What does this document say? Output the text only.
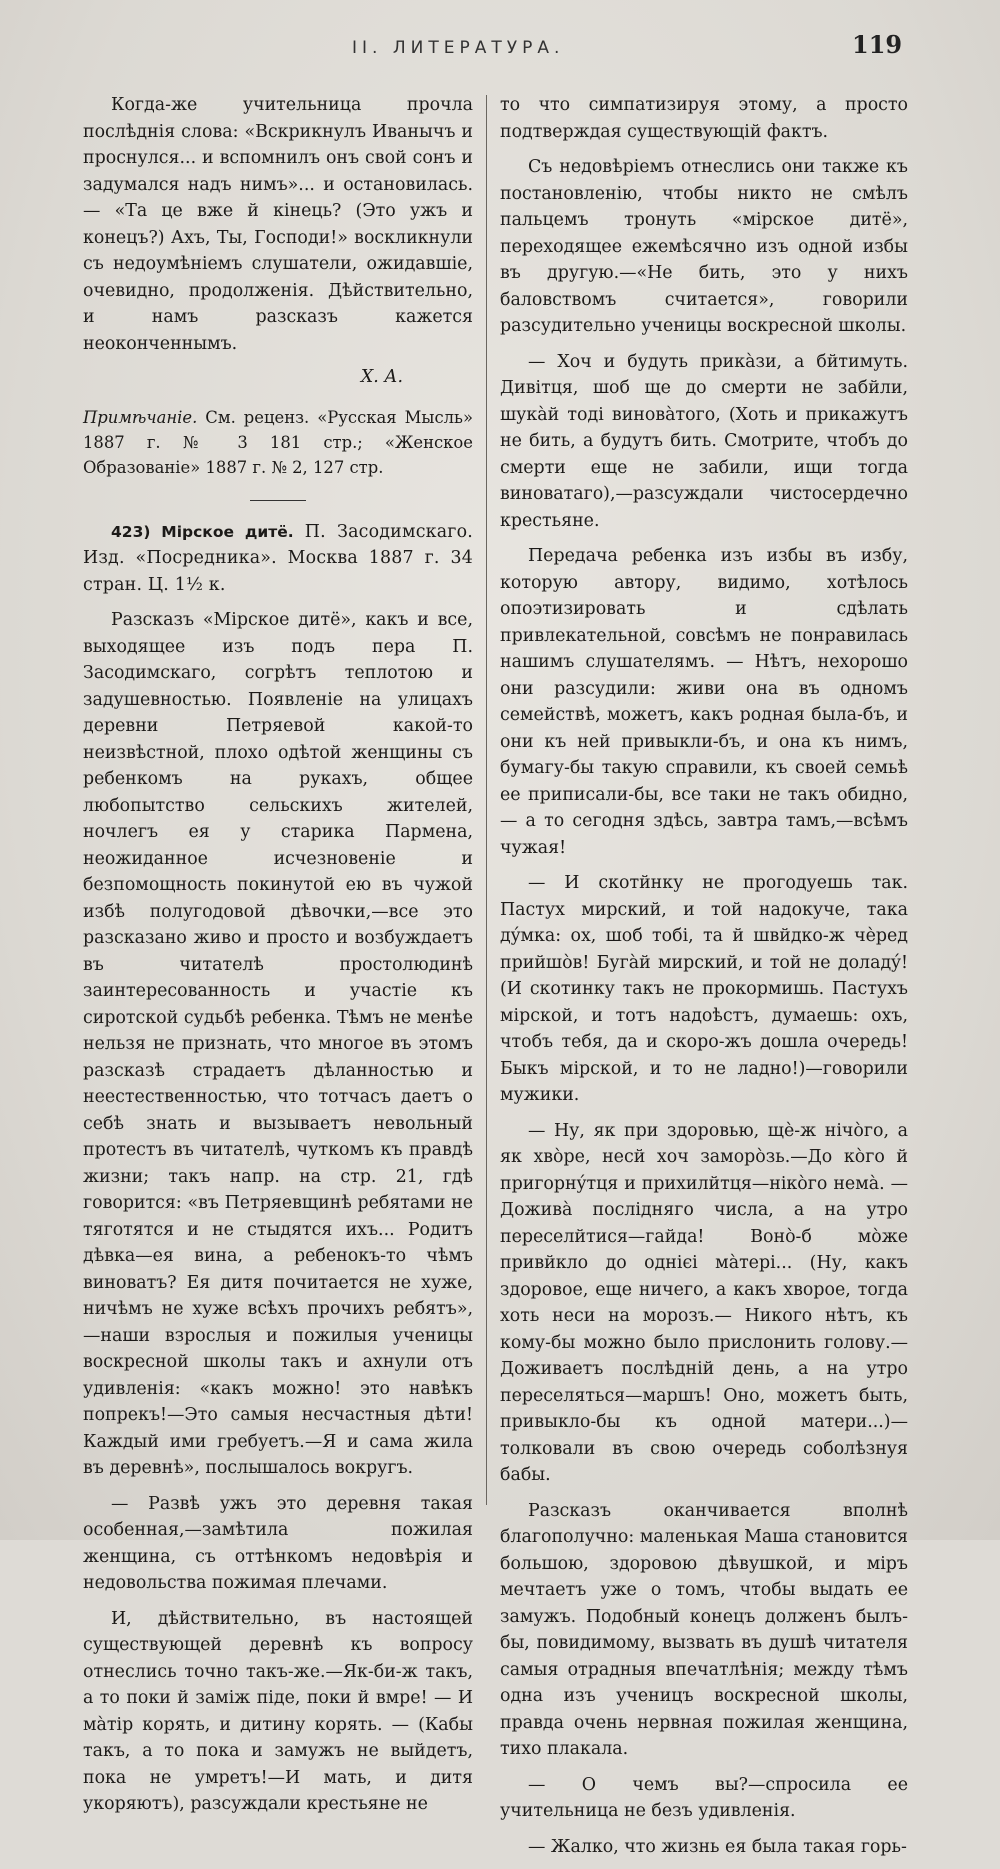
II. ЛИТЕРАТУРА.	119

Когда-же учительница прочла послѣднія слова: «Вскрикнулъ Иванычъ и проснулся... и вспомнилъ онъ свой сонъ и задумался надъ нимъ»... и остановилась. — «Та це вже й кінець? (Это ужъ и конецъ?) Ахъ, Ты, Господи!» воскликнули съ недоумѣніемъ слушатели, ожидавшіе, очевидно, продолженія. Дѣйствительно, и намъ разсказъ кажется неоконченнымъ.

Х. А.

Примѣчаніе. См. реценз. «Русская Мысль» 1887 г. № 3 181 стр.; «Женское Образованіе» 1887 г. № 2, 127 стр.

423) Мірское дитё. П. Засодимскаго. Изд. «Посредника». Москва 1887 г. 34 стран. Ц. 1½ к.

Разсказъ «Мірское дитё», какъ и все, выходящее изъ подъ пера П. Засодимскаго, согрѣтъ теплотою и задушевностью. Появленіе на улицахъ деревни Петряевой какой-то неизвѣстной, плохо одѣтой женщины съ ребенкомъ на рукахъ, общее любопытство сельскихъ жителей, ночлегъ ея у старика Пармена, неожиданное исчезновеніе и безпомощность покинутой ею въ чужой избѣ полугодовой дѣвочки,—все это разсказано живо и просто и возбуждаетъ въ читателѣ простолюдинѣ заинтересованность и участіе къ сиротской судьбѣ ребенка. Тѣмъ не менѣе нельзя не признать, что многое въ этомъ разсказѣ страдаетъ дѣланностью и неестественностью, что тотчасъ даетъ о себѣ знать и вызываетъ невольный протестъ въ читателѣ, чуткомъ къ правдѣ жизни; такъ напр. на стр. 21, гдѣ говорится: «въ Петряевщинѣ ребятами не тяготятся и не стыдятся ихъ... Родитъ дѣвка—ея вина, а ребенокъ-то чѣмъ виноватъ? Ея дитя почитается не хуже, ничѣмъ не хуже всѣхъ прочихъ ребятъ»,—наши взрослыя и пожилыя ученицы воскресной школы такъ и ахнули отъ удивленія: «какъ можно! это навѣкъ попрекъ!—Это самыя несчастныя дѣти! Каждый ими гребуетъ.—Я и сама жила въ деревнѣ», послышалось вокругъ.

— Развѣ ужъ это деревня такая особенная,—замѣтила пожилая женщина, съ оттѣнкомъ недовѣрія и недовольства пожимая плечами.

И, дѣйствительно, въ настоящей существующей деревнѣ къ вопросу отнеслись точно такъ-же.—Як-би-ж такъ, а то поки й заміж піде, поки й вмре! — И мàтір корять, и дитину корять. — (Кабы такъ, а то пока и замужъ не выйдетъ, пока не умретъ!—И мать, и дитя укоряютъ), разсуждали крестьяне не

то что симпатизируя этому, а просто подтверждая существующій фактъ.

Съ недовѣріемъ отнеслись они также къ постановленію, чтобы никто не смѣлъ пальцемъ тронуть «мірское дитё», переходящее ежемѣсячно изъ одной избы въ другую.—«Не бить, это у нихъ баловствомъ считается», говорили разсудительно ученицы воскресной школы.

— Хоч и будуть прикàзи, а бйтимуть. Дивітця, шоб ще до смерти не забйли, шукàй тоді виновàтого, (Хоть и прикажутъ не бить, а будутъ бить. Смотрите, чтобъ до смерти еще не забили, ищи тогда виноватаго),—разсуждали чистосердечно крестьяне.

Передача ребенка изъ избы въ избу, которую автору, видимо, хотѣлось опоэтизировать и сдѣлать привлекательной, совсѣмъ не понравилась нашимъ слушателямъ. — Нѣтъ, нехорошо они разсудили: живи она въ одномъ семействѣ, можетъ, какъ родная была-бъ, и они къ ней привыкли-бъ, и она къ нимъ, бумагу-бы такую справили, къ своей семьѣ ее приписали-бы, все таки не такъ обидно, — а то сегодня здѣсь, завтра тамъ,—всѣмъ чужая!

— И скотйнку не прогодуешь так. Пастух мирский, и той надокуче, така дýмка: ох, шоб тобі, та й швйдко-ж чѐред прийшòв! Бугàй мирский, и той не доладý! (И скотинку такъ не прокормишь. Пастухъ мірской, и тотъ надоѣстъ, думаешь: охъ, чтобъ тебя, да и скоро-жъ дошла очередь! Быкъ мірской, и то не ладно!)—говорили мужики.

— Ну, як при здоровью, щѐ-ж нічòго, а як хвòре, несй хоч заморòзь.—До кòго й пригорнýтця и прихилйтця—нікòго немà. — Доживà послідняго числа, а на утро переселйтися—гайда! Вонò-б мòже привйкло до однієі мàтері... (Ну, какъ здоровое, еще ничего, а какъ хворое, тогда хоть неси на морозъ.— Никого нѣтъ, къ кому-бы можно было прислонить голову.—Доживаетъ послѣдній день, а на утро переселяться—маршъ! Оно, можетъ быть, привыкло-бы къ одной матери...)— толковали въ свою очередь соболѣзнуя бабы.

Разсказъ оканчивается вполнѣ благополучно: маленькая Маша становится большою, здоровою дѣвушкой, и міръ мечтаетъ уже о томъ, чтобы выдать ее замужъ. Подобный конецъ долженъ былъ-бы, повидимому, вызвать въ душѣ читателя самыя отрадныя впечатлѣнія; между тѣмъ одна изъ ученицъ воскресной школы, правда очень нервная пожилая женщина, тихо плакала.

— О чемъ вы?—спросила ее учительница не безъ удивленія.

— Жалко, что жизнь ея была такая горь-
